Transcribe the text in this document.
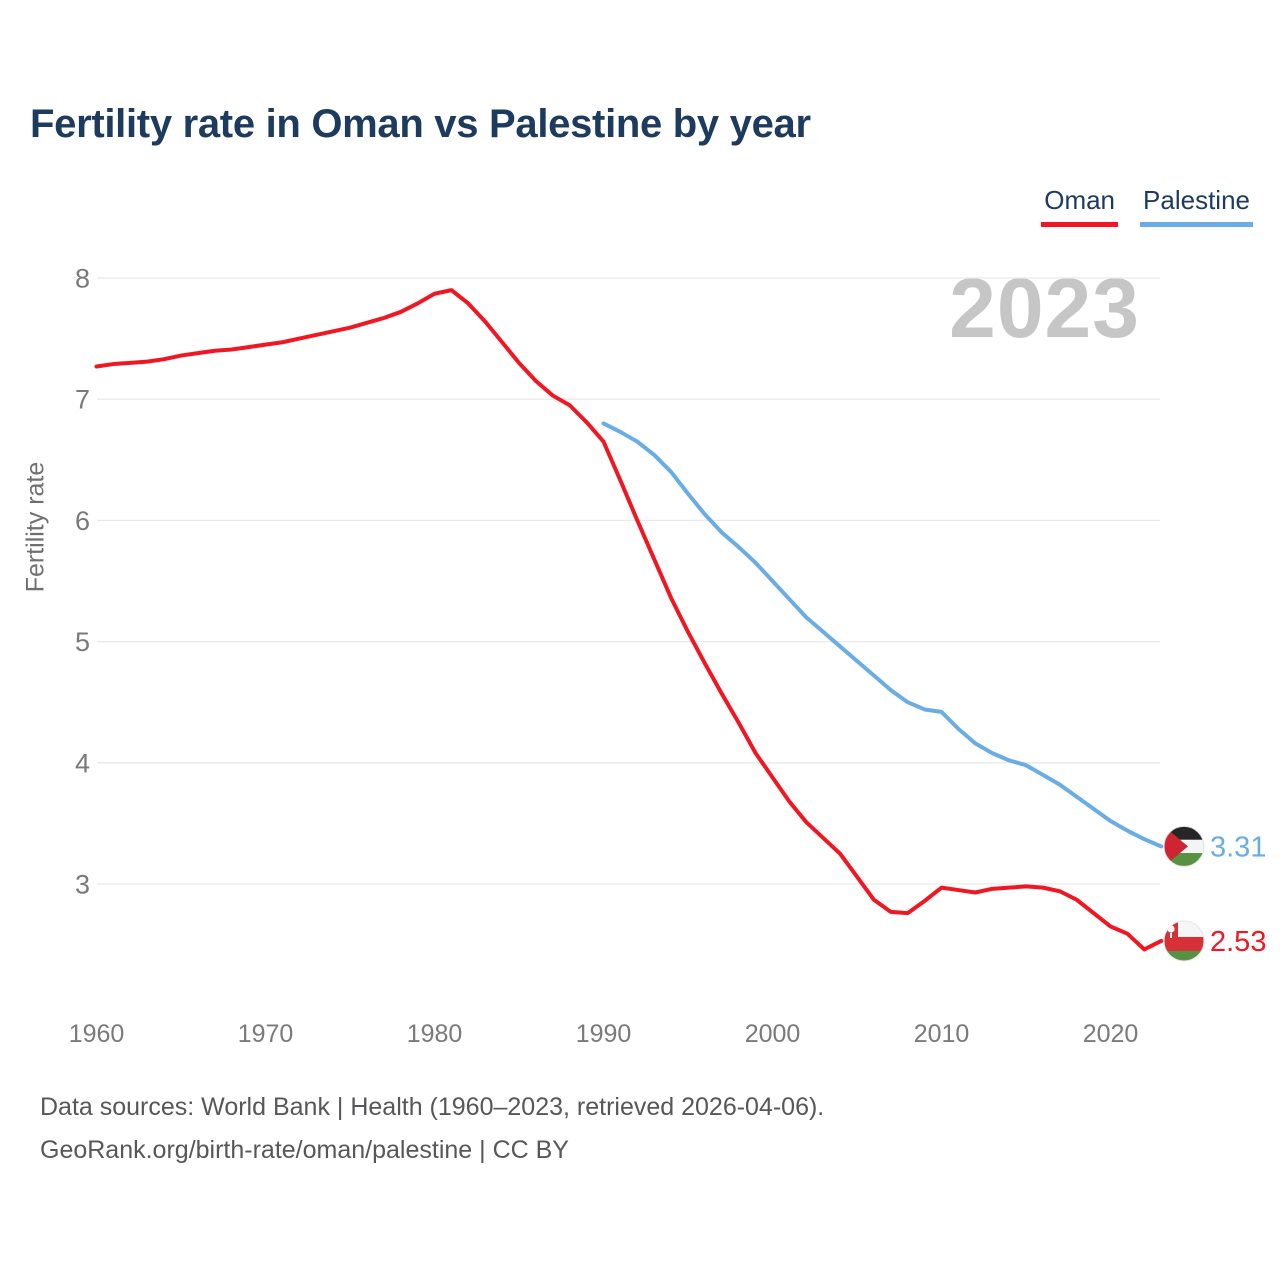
Fertility rate in Oman vs Palestine by year
Oman Palestine
2023
Fertility rate
8
7
6
5
4
3
1960	1970	1980	1990	2000	2010	2020
3.31
2.53
Data sources: World Bank | Health (1960–2023, retrieved 2026-04-06).
GeoRank.org/birth-rate/oman/palestine | CC BY
